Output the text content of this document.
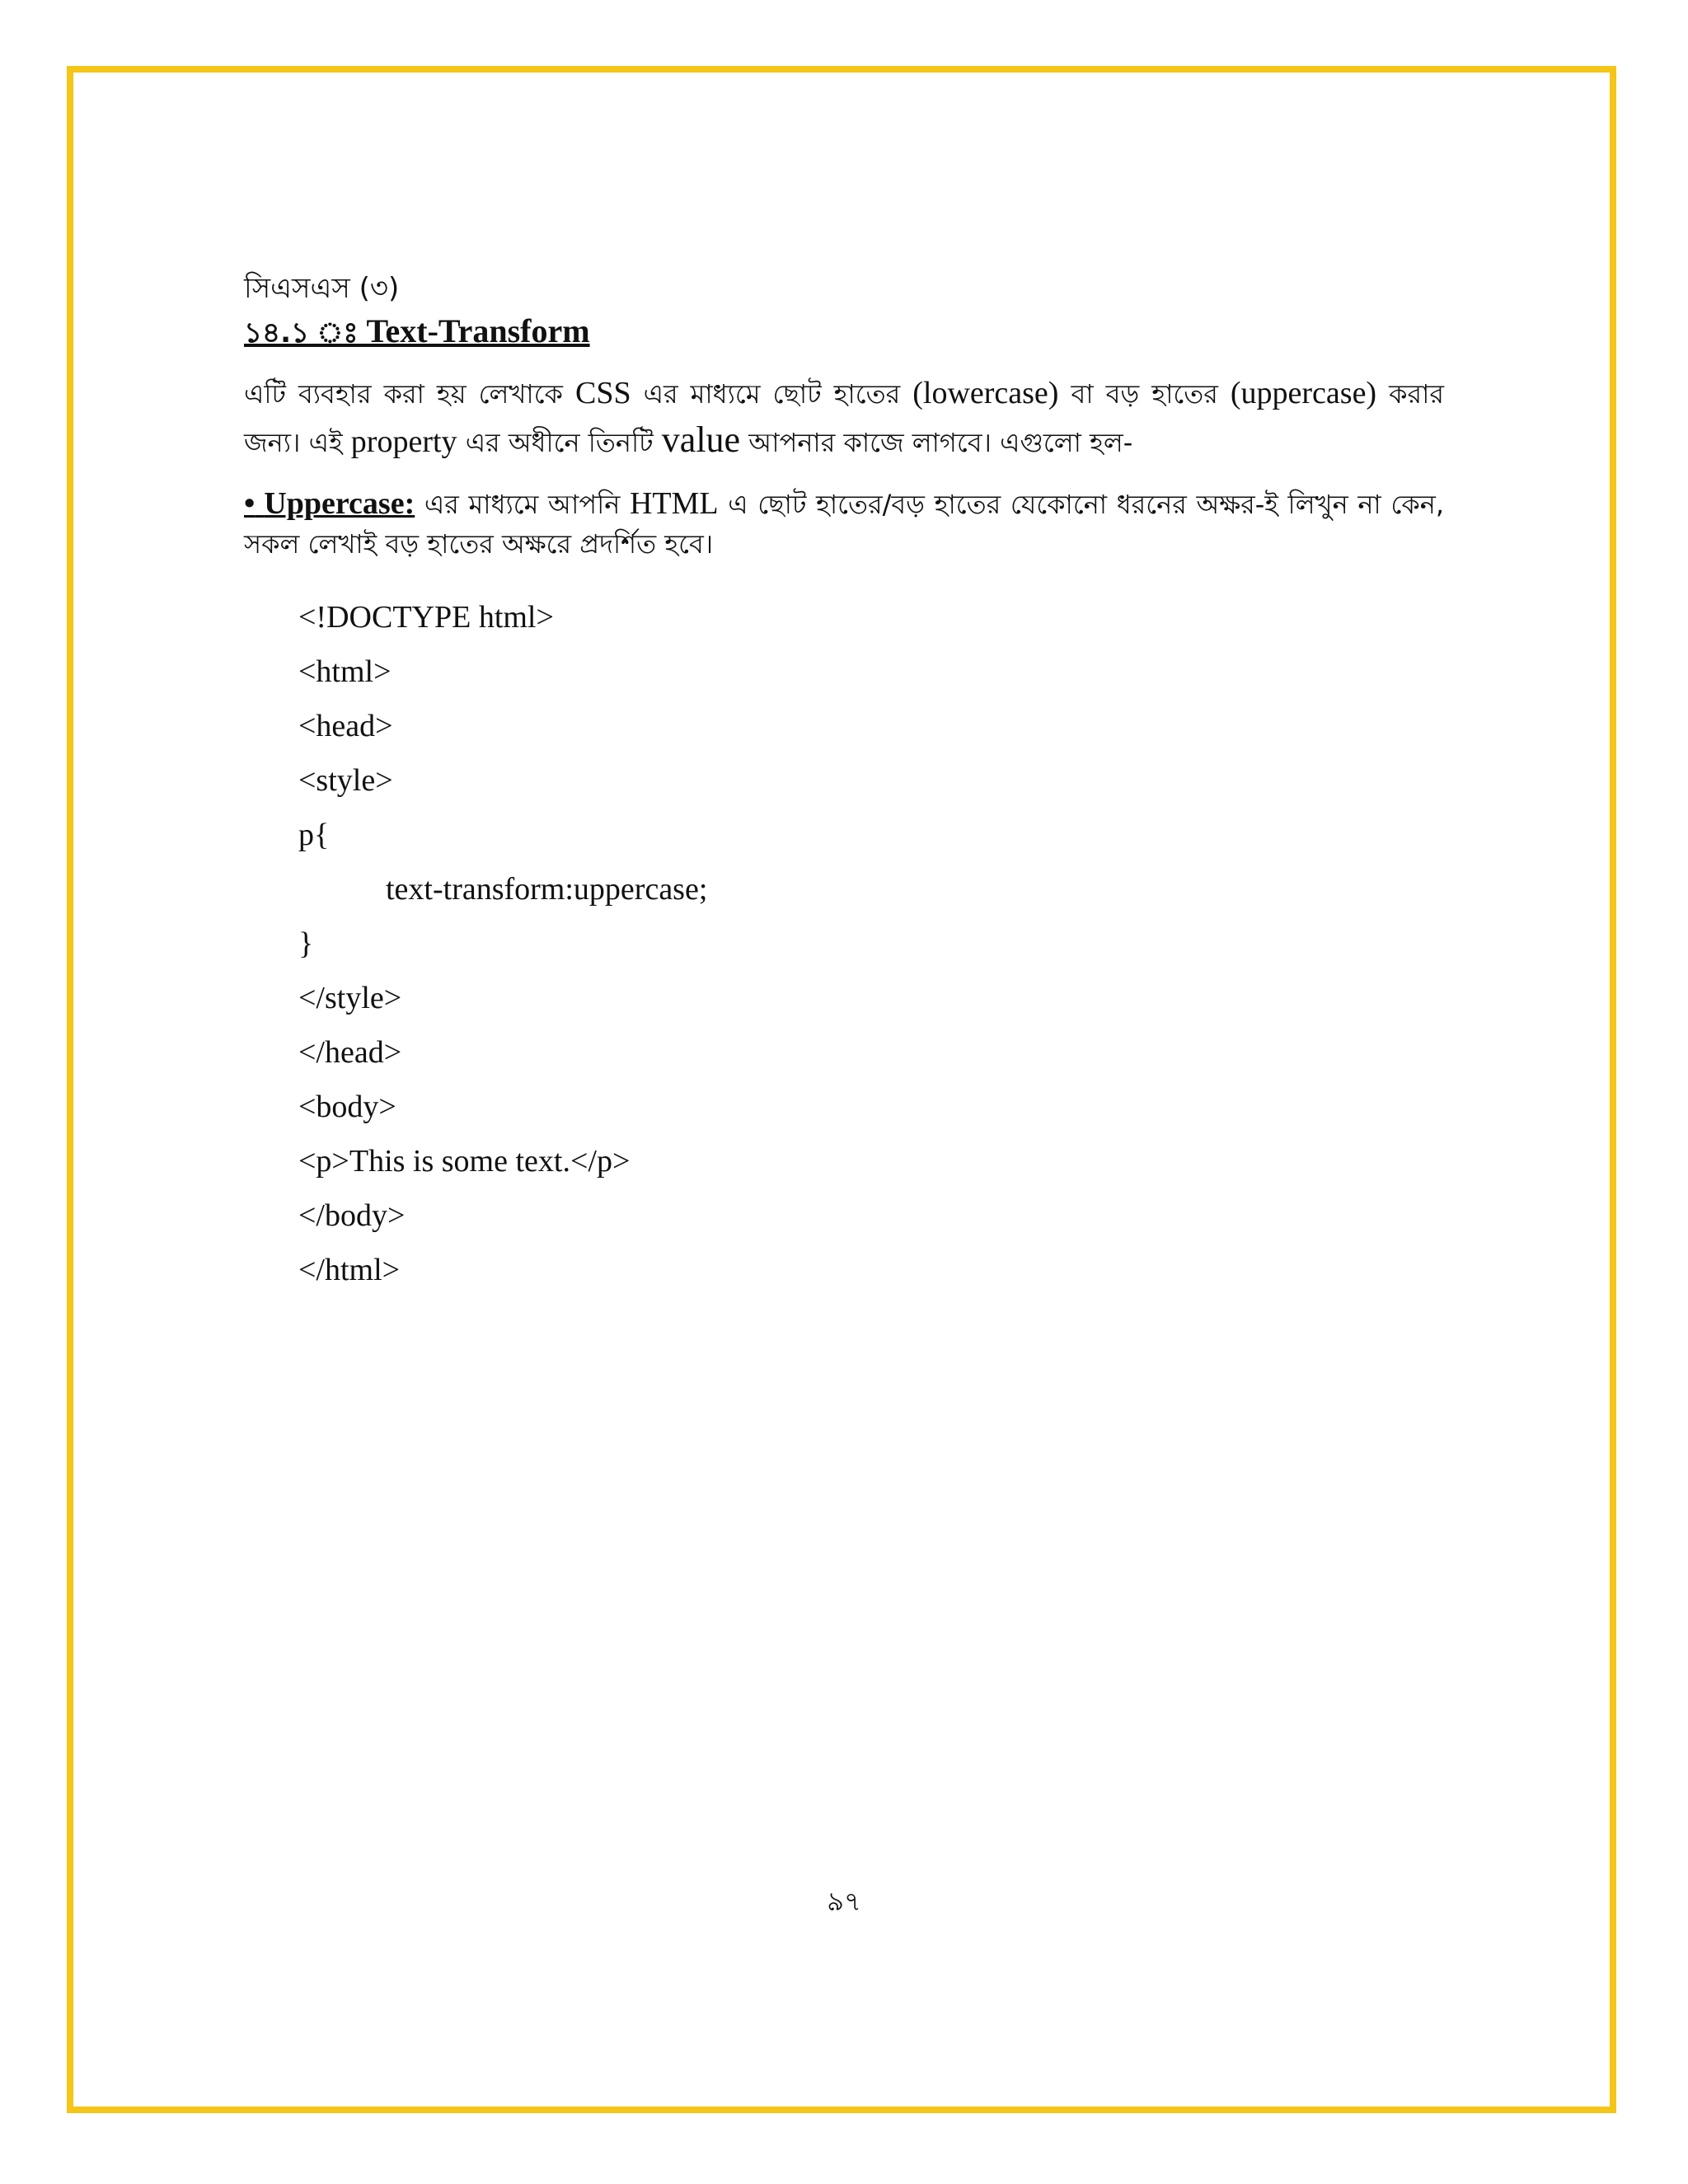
সিএসএস (৩)

১৪.১ ঃ Text-Transform

এটি ব্যবহার করা হয় লেখাকে CSS এর মাধ্যমে ছোট হাতের (lowercase) বা বড় হাতের (uppercase) করার জন্য। এই property এর অধীনে তিনটি value আপনার কাজে লাগবে। এগুলো হল-

• Uppercase: এর মাধ্যমে আপনি HTML এ ছোট হাতের/বড় হাতের যেকোনো ধরনের অক্ষর-ই লিখুন না কেন, সকল লেখাই বড় হাতের অক্ষরে প্রদর্শিত হবে।

<!DOCTYPE html>
<html>
<head>
<style>
p{
text-transform:uppercase;
}
</style>
</head>
<body>
<p>This is some text.</p>
</body>
</html>
৯৭
